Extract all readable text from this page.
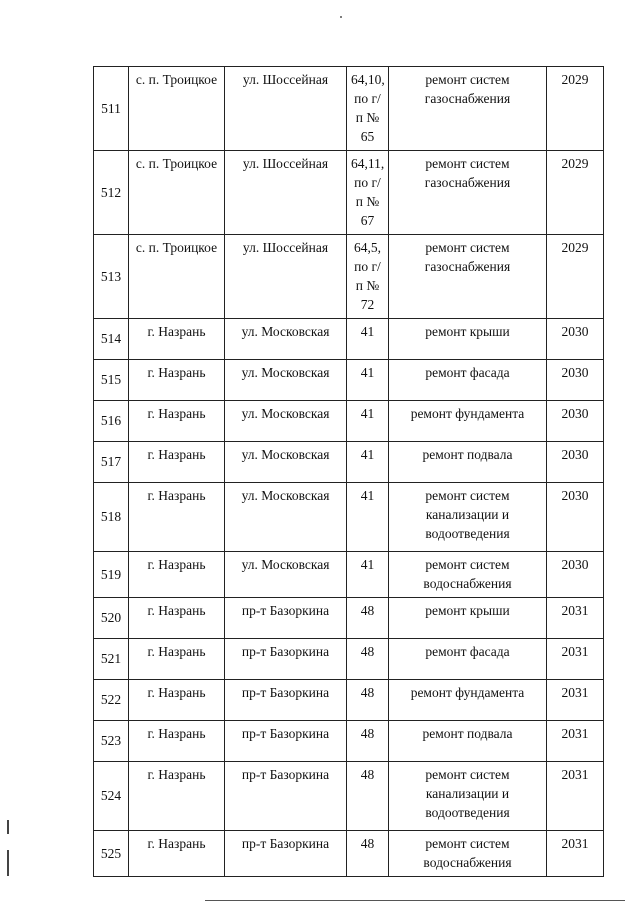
511	с. п. Троицкое	ул. Шоссейная	64,10, по г/п № 65	ремонт систем газоснабжения	2029
512	с. п. Троицкое	ул. Шоссейная	64,11, по г/п № 67	ремонт систем газоснабжения	2029
513	с. п. Троицкое	ул. Шоссейная	64,5, по г/п № 72	ремонт систем газоснабжения	2029
514	г. Назрань	ул. Московская	41	ремонт крыши	2030
515	г. Назрань	ул. Московская	41	ремонт фасада	2030
516	г. Назрань	ул. Московская	41	ремонт фундамента	2030
517	г. Назрань	ул. Московская	41	ремонт подвала	2030
518	г. Назрань	ул. Московская	41	ремонт систем канализации и водоотведения	2030
519	г. Назрань	ул. Московская	41	ремонт систем водоснабжения	2030
520	г. Назрань	пр-т Базоркина	48	ремонт крыши	2031
521	г. Назрань	пр-т Базоркина	48	ремонт фасада	2031
522	г. Назрань	пр-т Базоркина	48	ремонт фундамента	2031
523	г. Назрань	пр-т Базоркина	48	ремонт подвала	2031
524	г. Назрань	пр-т Базоркина	48	ремонт систем канализации и водоотведения	2031
525	г. Назрань	пр-т Базоркина	48	ремонт систем водоснабжения	2031
